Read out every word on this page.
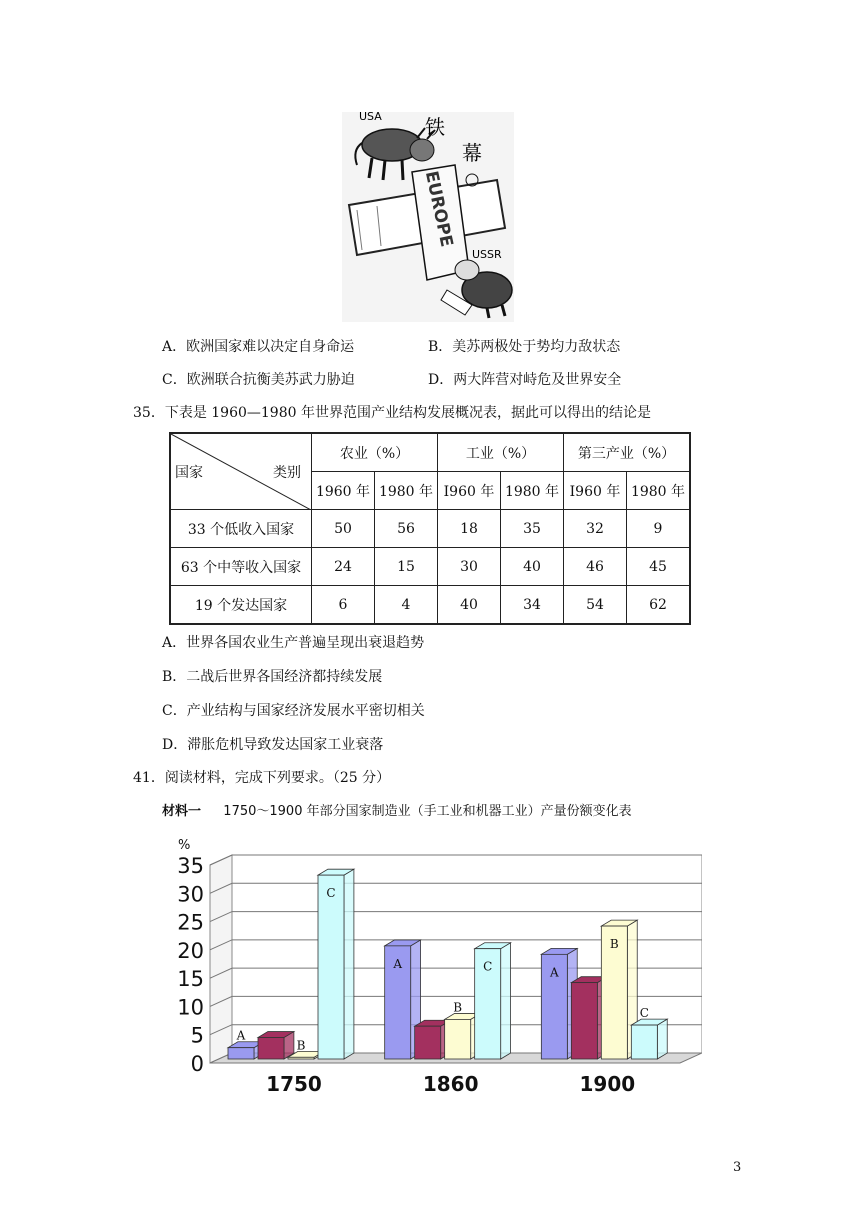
USA 铁
幕
EUROPE
USSR
A．欧洲国家难以决定自身命运	B．美苏两极处于势均力敌状态
C．欧洲联合抗衡美苏武力胁迫	D．两大阵营对峙危及世界安全
35．下表是 1960—1980 年世界范围产业结构发展概况表，据此可以得出的结论是
国家 类别	农业（%）		工业（%）		第三产业（%）	
	1960 年	1980 年	I960 年	1980 年	I960 年	1980 年
33 个低收入国家	50	56	18	35	32	9
63 个中等收入国家	24	15	30	40	46	45
19 个发达国家	6	4	40	34	54	62
A．世界各国农业生产普遍呈现出衰退趋势
B．二战后世界各国经济都持续发展
C．产业结构与国家经济发展水平密切相关
D．滞胀危机导致发达国家工业衰落
41．阅读材料，完成下列要求。（25 分）
材料一 1750～1900 年部分国家制造业（手工业和机器工业）产量份额变化表
0
5
10
15
20
25
30
35
%
A
B
C
1750
A
B
C
1860
A
B
C
1900
3
